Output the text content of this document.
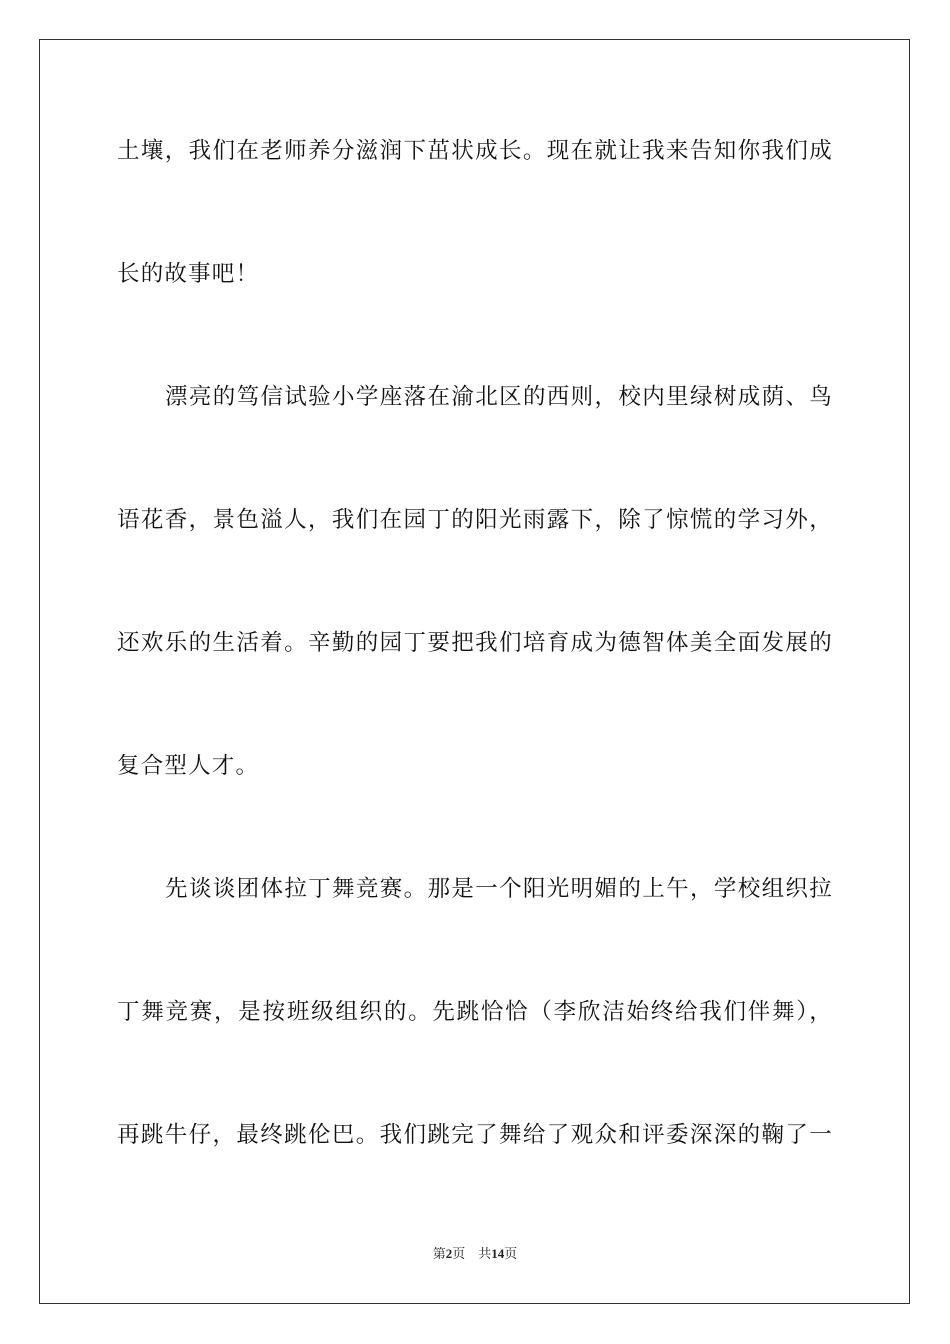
土壤，我们在老师养分滋润下茁状成长。现在就让我来告知你我们成
长的故事吧！
漂亮的笃信试验小学座落在渝北区的西则，校内里绿树成荫、鸟
语花香，景色溢人，我们在园丁的阳光雨露下，除了惊慌的学习外，
还欢乐的生活着。辛勤的园丁要把我们培育成为德智体美全面发展的
复合型人才。
先谈谈团体拉丁舞竞赛。那是一个阳光明媚的上午，学校组织拉
丁舞竞赛，是按班级组织的。先跳恰恰（李欣洁始终给我们伴舞），
再跳牛仔，最终跳伦巴。我们跳完了舞给了观众和评委深深的鞠了一
第2页 共14页
